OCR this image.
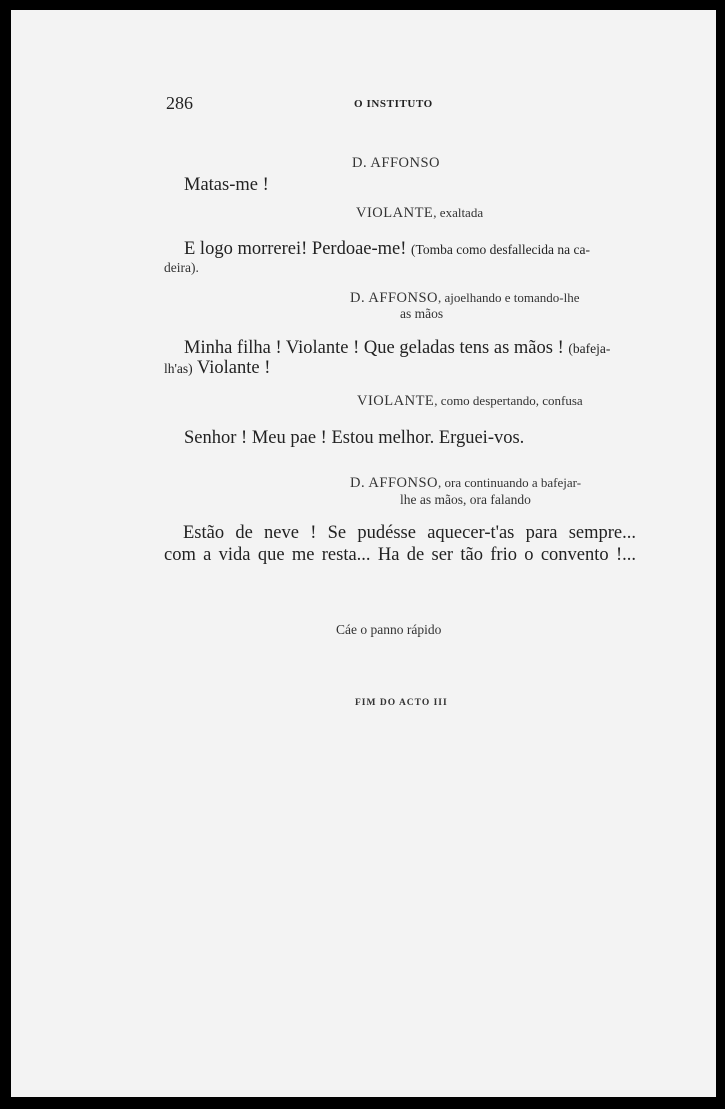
286	O INSTITUTO
D. AFFONSO
Matas-me !
VIOLANTE, exaltada
E logo morrerei! Perdoae-me! (Tomba como desfallecida na ca-
deira).
D. AFFONSO, ajoelhando e tomando-lhe
as mãos
Minha filha ! Violante ! Que geladas tens as mãos ! (bafeja-
lh'as) Violante !
VIOLANTE, como despertando, confusa
Senhor ! Meu pae ! Estou melhor. Erguei-vos.
D. AFFONSO, ora continuando a bafejar-
lhe as mãos, ora falando
Estão de neve ! Se pudésse aquecer-t'as para sempre...
com a vida que me resta... Ha de ser tão frio o convento !...
Cáe o panno rápido
FIM DO ACTO III
